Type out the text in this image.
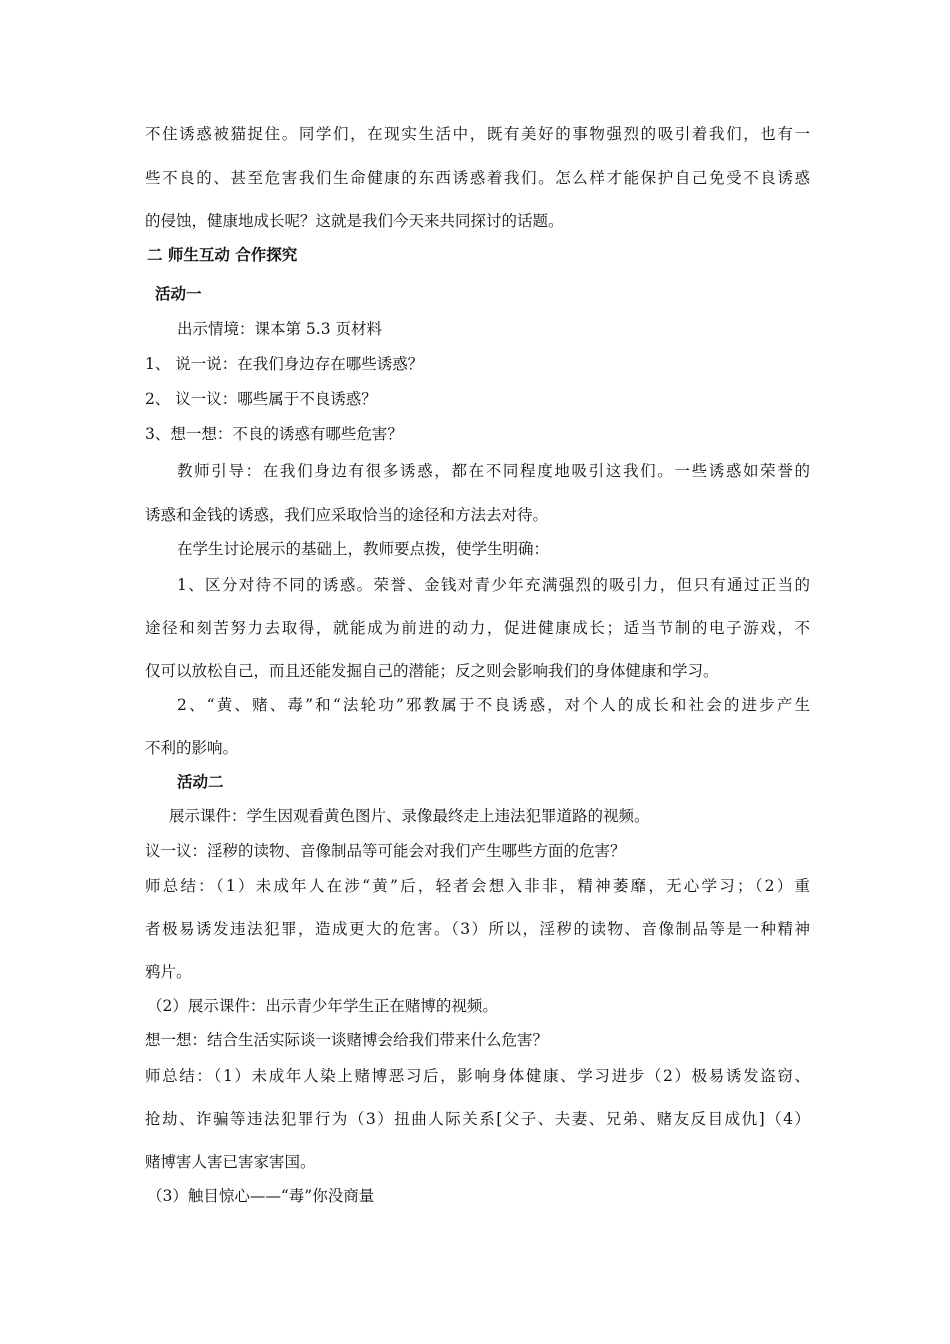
不住诱惑被猫捉住。同学们，在现实生活中，既有美好的事物强烈的吸引着我们，也有一
些不良的、甚至危害我们生命健康的东西诱惑着我们。怎么样才能保护自己免受不良诱惑
的侵蚀，健康地成长呢？这就是我们今天来共同探讨的话题。
二 师生互动 合作探究
活动一
出示情境：课本第 5.3 页材料
1、 说一说：在我们身边存在哪些诱惑？
2、 议一议：哪些属于不良诱惑？
3、想一想：不良的诱惑有哪些危害？
教师引导：在我们身边有很多诱惑，都在不同程度地吸引这我们。一些诱惑如荣誉的
诱惑和金钱的诱惑，我们应采取恰当的途径和方法去对待。
在学生讨论展示的基础上，教师要点拨，使学生明确：
1、区分对待不同的诱惑。荣誉、金钱对青少年充满强烈的吸引力，但只有通过正当的
途径和刻苦努力去取得，就能成为前进的动力，促进健康成长；适当节制的电子游戏，不
仅可以放松自己，而且还能发掘自己的潜能；反之则会影响我们的身体健康和学习。
2、“黄、赌、毒”和“法轮功”邪教属于不良诱惑，对个人的成长和社会的进步产生
不利的影响。
活动二
展示课件：学生因观看黄色图片、录像最终走上违法犯罪道路的视频。
议一议：淫秽的读物、音像制品等可能会对我们产生哪些方面的危害？
师总结：（1）未成年人在涉“黄”后，轻者会想入非非，精神萎靡，无心学习；（2）重
者极易诱发违法犯罪，造成更大的危害。（3）所以，淫秽的读物、音像制品等是一种精神
鸦片。
（2）展示课件：出示青少年学生正在赌博的视频。
想一想：结合生活实际谈一谈赌博会给我们带来什么危害？
师总结：（1）未成年人染上赌博恶习后，影响身体健康、学习进步（2）极易诱发盗窃、
抢劫、诈骗等违法犯罪行为（3）扭曲人际关系[父子、夫妻、兄弟、赌友反目成仇]（4）
赌博害人害已害家害国。
（3）触目惊心——“毒”你没商量
